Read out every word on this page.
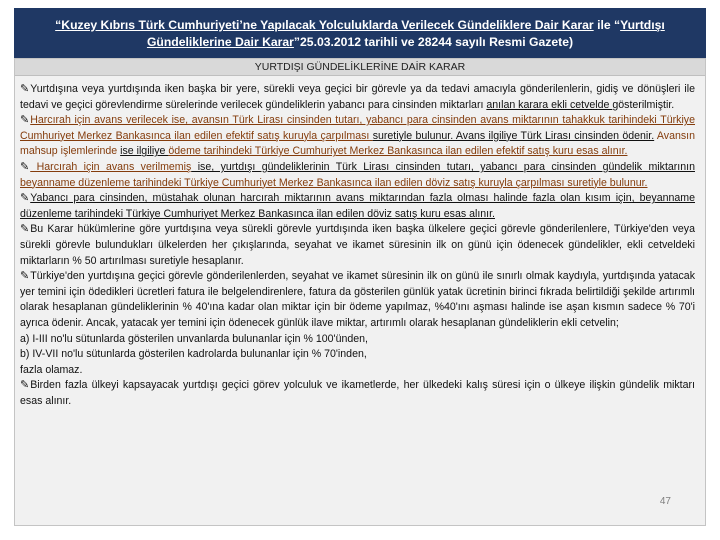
“Kuzey Kıbrıs Türk Cumhuriyeti’ne Yapılacak Yolculuklarda Verilecek Gündeliklere Dair Karar ile “Yurtdışı
Gündeliklerine Dair Karar”25.03.2012 tarihli ve 28244 sayılı Resmi Gazete)
YURTDIŞI GÜNDELİKLERİNE DAİR KARAR

✎Yurtdışına veya yurtdışında iken başka bir yere, sürekli veya geçici bir görevle ya da tedavi amacıyla gönderilenlerin, gidiş ve dönüşleri ile tedavi ve geçici görevlendirme sürelerinde verilecek gündeliklerin yabancı para cinsinden miktarları anılan karara ekli cetvelde gösterilmiştir.

✎Harcırah için avans verilecek ise, avansın Türk Lirası cinsinden tutarı, yabancı para cinsinden avans miktarının tahakkuk tarihindeki Türkiye Cumhuriyet Merkez Bankasınca ilan edilen efektif satış kuruyla çarpılması suretiyle bulunur. Avans ilgiliye Türk Lirası cinsinden ödenir. Avansın mahsup işlemlerinde ise ilgiliye ödeme tarihindeki Türkiye Cumhuriyet Merkez Bankasınca ilan edilen efektif satış kuru esas alınır.

✎ Harcırah için avans verilmemiş ise, yurtdışı gündeliklerinin Türk Lirası cinsinden tutarı, yabancı para cinsinden gündelik miktarının beyanname düzenleme tarihindeki Türkiye Cumhuriyet Merkez Bankasınca ilan edilen döviz satış kuruyla çarpılması suretiyle bulunur.

✎Yabancı para cinsinden, müstahak olunan harcırah miktarının avans miktarından fazla olması halinde fazla olan kısım için, beyanname düzenleme tarihindeki Türkiye Cumhuriyet Merkez Bankasınca ilan edilen döviz satış kuru esas alınır.

✎Bu Karar hükümlerine göre yurtdışına veya sürekli görevle yurtdışında iken başka ülkelere geçici görevle gönderilenlere, Türkiye'den veya sürekli görevle bulundukları ülkelerden her çıkışlarında, seyahat ve ikamet süresinin ilk on günü için ödenecek gündelikler, ekli cetveldeki miktarların % 50 artırılması suretiyle hesaplanır.

✎Türkiye'den yurtdışına geçici görevle gönderilenlerden, seyahat ve ikamet süresinin ilk on günü ile sınırlı olmak kaydıyla, yurtdışında yatacak yer temini için ödedikleri ücretleri fatura ile belgelendirenlere, fatura da gösterilen günlük yatak ücretinin birinci fıkrada belirtildiği şekilde artırımlı olarak hesaplanan gündeliklerinin % 40'ına kadar olan miktar için bir ödeme yapılmaz, %40'ını aşması halinde ise aşan kısmın sadece % 70'i ayrıca ödenir. Ancak, yatacak yer temini için ödenecek günlük ilave miktar, artırımlı olarak hesaplanan gündeliklerin ekli cetvelin;

a) I-III no'lu sütunlarda gösterilen unvanlarda bulunanlar için % 100'ünden,

b) IV-VII no'lu sütunlarda gösterilen kadrolarda bulunanlar için % 70'inden,

fazla olamaz.

✎Birden fazla ülkeyi kapsayacak yurtdışı geçici görev yolculuk ve ikametlerde, her ülkedeki kalış süresi için o ülkeye ilişkin gündelik miktarı esas alınır.

47
